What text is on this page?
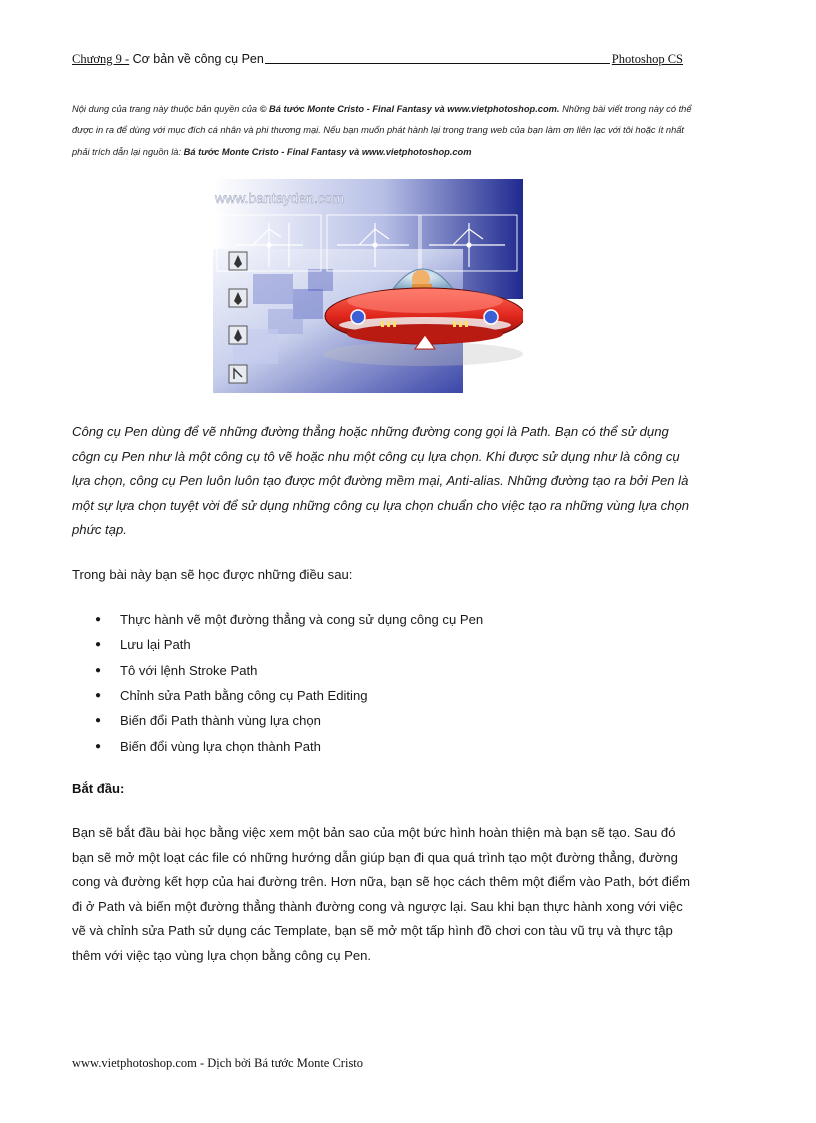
Chương 9 - Cơ bản về công cụ Pen	Photoshop CS
Nội dung của trang này thuộc bản quyền của © Bá tước Monte Cristo - Final Fantasy và www.vietphotoshop.com. Những bài viết trong này có thể được in ra để dùng với mục đích cá nhân và phi thương mại. Nếu bạn muốn phát hành lại trong trang web của bạn làm ơn liên lạc với tôi hoặc ít nhất phải trích dẫn lại nguồn là: Bá tước Monte Cristo - Final Fantasy và www.vietphotoshop.com
www.bantayden.com
Công cụ Pen dùng để vẽ những đường thẳng hoặc những đường cong gọi là Path. Bạn có thể sử dụng côgn cụ Pen như là một công cụ tô vẽ hoặc nhu một công cụ lựa chọn. Khi được sử dụng như là công cụ lựa chọn, công cụ Pen luôn luôn tạo được một đường mềm mại, Anti-alias. Những đường tạo ra bởi Pen là một sự lựa chọn tuyệt vời để sử dụng những công cụ lựa chọn chuẩn cho việc tạo ra những vùng lựa chọn phức tạp.
Trong bài này bạn sẽ học được những điều sau:
●	Thực hành vẽ một đường thẳng và cong sử dụng công cụ Pen
●	Lưu lại Path
●	Tô với lệnh Stroke Path
●	Chỉnh sửa Path bằng công cụ Path Editing
●	Biến đổi Path thành vùng lựa chọn
●	Biến đổi vùng lựa chọn thành Path
Bắt đầu:
Bạn sẽ bắt đầu bài học bằng việc xem một bản sao của một bức hình hoàn thiện mà bạn sẽ tạo. Sau đó bạn sẽ mở một loạt các file có những hướng dẫn giúp bạn đi qua quá trình tạo một đường thẳng, đường cong và đường kết hợp của hai đường trên. Hơn nữa, bạn sẽ học cách thêm một điểm vào Path, bớt điểm đi ở Path và biến một đường thẳng thành đường cong và ngược lại. Sau khi bạn thực hành xong với việc vẽ và chỉnh sửa Path sử dụng các Template, bạn sẽ mở một tấp hình đồ chơi con tàu vũ trụ và thực tập thêm với việc tạo vùng lựa chọn bằng công cụ Pen.
www.vietphotoshop.com - Dịch bởi Bá tước Monte Cristo
